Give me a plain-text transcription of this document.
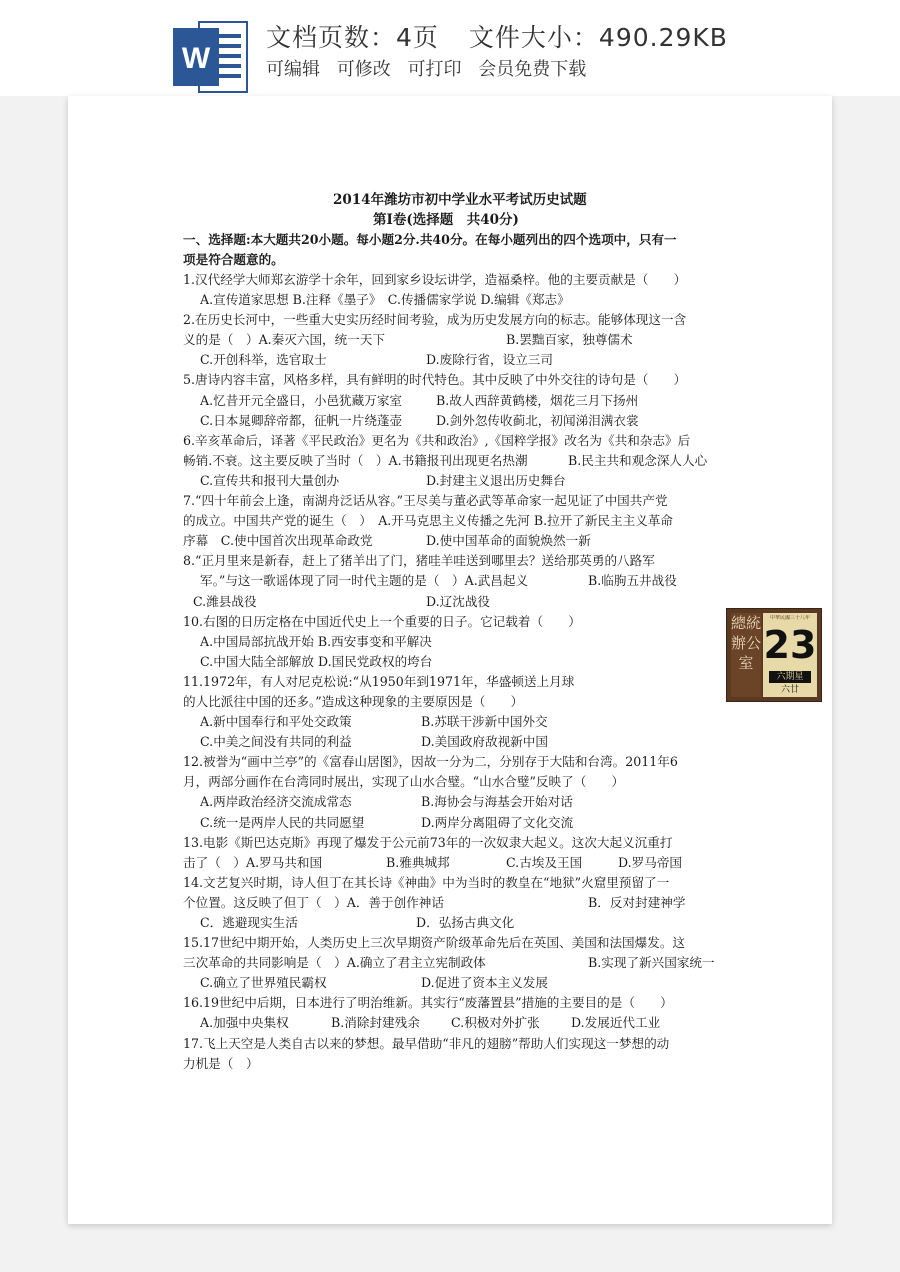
W
文档页数：4页 文件大小：490.29KB
可编辑 可修改 可打印 会员免费下载
2014年潍坊市初中学业水平考试历史试题
第I卷(选择题　共40分)
一、选择题:本大题共20小题。每小题2分.共40分。在每小题列出的四个选项中，只有一
项是符合题意的。
1.汉代经学大师郑玄游学十余年，回到家乡设坛讲学，造福桑梓。他的主要贡献是（　　）
A.宣传道家思想 B.注释《墨子》　C.传播儒家学说 D.编辑《郑志》
2.在历史长河中，一些重大史实历经时间考验，成为历史发展方向的标志。能够体现这一含
义的是（　）A.秦灭六国，统一天下	B.罢黜百家，独尊儒术
C.开创科举，选官取士	D.废除行省，设立三司
5.唐诗内容丰富，风格多样，具有鲜明的时代特色。其中反映了中外交往的诗句是（　　）
A.忆昔开元全盛日，小邑犹藏万家室	B.故人西辞黄鹤楼，烟花三月下扬州
C.日本晁卿辞帝都，征帆一片绕蓬壶	D.剑外忽传收蓟北，初闻涕泪满衣裳
6.辛亥革命后，译著《平民政治》更名为《共和政治》,《国粹学报》改名为《共和杂志》后
畅销.不衰。这主要反映了当时（　）A.书籍报刊出现更名热潮	B.民主共和观念深人人心
C.宣传共和报刊大量创办	D.封建主义退出历史舞台
7.“四十年前会上逢，南湖舟泛话从容。”王尽美与董必武等革命家一起见证了中国共产党
的成立。中国共产党的诞生（　）　A.开马克思主义传播之先河 B.拉开了新民主主义革命
序幕　C.使中国首次出现革命政党	D.使中国革命的面貌焕然一新
8.“正月里来是新春，赶上了猪羊出了门，猪哇羊哇送到哪里去？送给那英勇的八路军
军。”与这一歌谣体现了同一时代主题的是（　）A.武昌起义	B.临朐五井战役
C.潍县战役	D.辽沈战役
10.右图的日历定格在中国近代史上一个重要的日子。它记载着（　　）
A.中国局部抗战开始 B.西安事变和平解决
C.中国大陆全部解放 D.国民党政权的垮台
11.1972年，有人对尼克松说:“从1950年到1971年，华盛顿送上月球
的人比派往中国的还多。”造成这种现象的主要原因是（　　）
A.新中国奉行和平处交政策	B.苏联干涉新中国外交
C.中美之间没有共同的利益	D.美国政府敌视新中国
12.被誉为“画中兰亭”的《富春山居图》，因故一分为二，分别存于大陆和台湾。2011年6
月，两部分画作在台湾同时展出，实现了山水合璧。“山水合璧”反映了（　　）
A.两岸政治经济交流成常态	B.海协会与海基会开始对话
C.统一是两岸人民的共同愿望	D.两岸分离阻碍了文化交流
13.电影《斯巴达克斯》再现了爆发于公元前73年的一次奴隶大起义。这次大起义沉重打
击了（　）A.罗马共和国	B.雅典城邦	C.古埃及王国	D.罗马帝国
14.文艺复兴时期，诗人但丁在其长诗《神曲》中为当时的教皇在“地狱”火窟里预留了一
个位置。这反映了但丁（　）A．善于创作神话	B．反对封建神学
C．逃避现实生活	D．弘扬古典文化
15.17世纪中期开始，人类历史上三次早期资产阶级革命先后在英国、美国和法国爆发。这
三次革命的共同影响是（　）A.确立了君主立宪制政体	B.实现了新兴国家统一
C.确立了世界殖民霸权	D.促进了资本主义发展
16.19世纪中后期，日本进行了明治维新。其实行“废藩置县”措施的主要目的是（　　）
A.加强中央集权	B.消除封建残余 C.积极对外扩张 D.发展近代工业
17.飞上天空是人类自古以来的梦想。最早借助“非凡的翅膀”帮助人们实现这一梦想的动
力机是（　）
總統辦公室
中華民國三十八年
23
六期星
六廿
